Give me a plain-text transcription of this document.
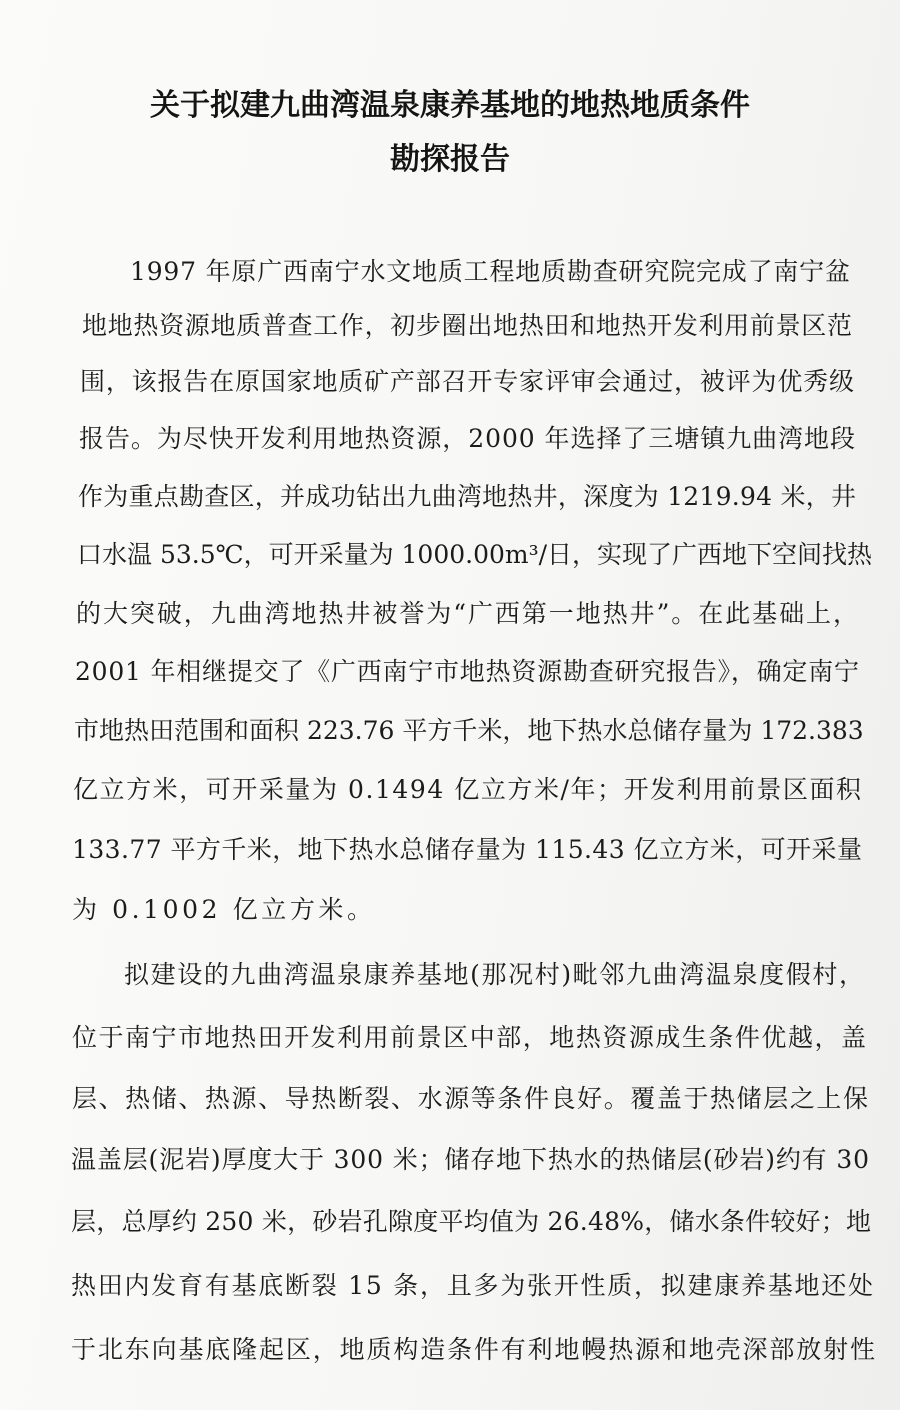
关于拟建九曲湾温泉康养基地的地热地质条件
勘探报告
1997 年原广西南宁水文地质工程地质勘查研究院完成了南宁盆
地地热资源地质普查工作，初步圈出地热田和地热开发利用前景区范
围，该报告在原国家地质矿产部召开专家评审会通过，被评为优秀级
报告。为尽快开发利用地热资源，2000 年选择了三塘镇九曲湾地段
作为重点勘查区，并成功钻出九曲湾地热井，深度为 1219.94 米，井
口水温 53.5℃，可开采量为 1000.00m³/日，实现了广西地下空间找热
的大突破，九曲湾地热井被誉为“广西第一地热井”。在此基础上，
2001 年相继提交了《广西南宁市地热资源勘查研究报告》，确定南宁
市地热田范围和面积 223.76 平方千米，地下热水总储存量为 172.383
亿立方米，可开采量为 0.1494 亿立方米/年；开发利用前景区面积
133.77 平方千米，地下热水总储存量为 115.43 亿立方米，可开采量
为 0.1002 亿立方米。
拟建设的九曲湾温泉康养基地(那况村)毗邻九曲湾温泉度假村，
位于南宁市地热田开发利用前景区中部，地热资源成生条件优越，盖
层、热储、热源、导热断裂、水源等条件良好。覆盖于热储层之上保
温盖层(泥岩)厚度大于 300 米；储存地下热水的热储层(砂岩)约有 30
层，总厚约 250 米，砂岩孔隙度平均值为 26.48%，储水条件较好；地
热田内发育有基底断裂 15 条，且多为张开性质，拟建康养基地还处
于北东向基底隆起区，地质构造条件有利地幔热源和地壳深部放射性
